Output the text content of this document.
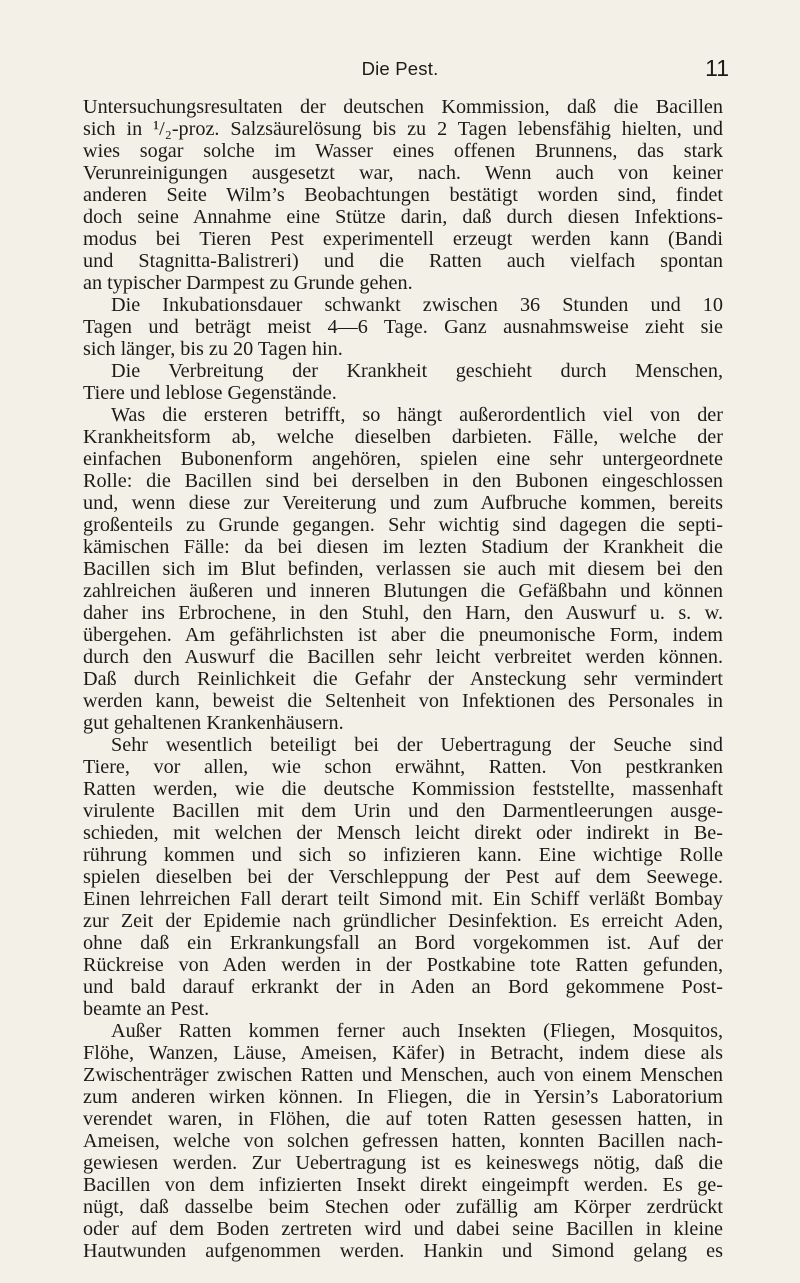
Die Pest.	11
Untersuchungsresultaten der deutschen Kommission, daß die Bacillen
sich in ¹/₂-proz. Salzsäurelösung bis zu 2 Tagen lebensfähig hielten, und
wies sogar solche im Wasser eines offenen Brunnens, das stark
Verunreinigungen ausgesetzt war, nach. Wenn auch von keiner
anderen Seite Wilm’s Beobachtungen bestätigt worden sind, findet
doch seine Annahme eine Stütze darin, daß durch diesen Infektions-
modus bei Tieren Pest experimentell erzeugt werden kann (Bandi
und Stagnitta-Balistreri) und die Ratten auch vielfach spontan
an typischer Darmpest zu Grunde gehen.
Die Inkubationsdauer schwankt zwischen 36 Stunden und 10
Tagen und beträgt meist 4—6 Tage. Ganz ausnahmsweise zieht sie
sich länger, bis zu 20 Tagen hin.
Die Verbreitung der Krankheit geschieht durch Menschen,
Tiere und leblose Gegenstände.
Was die ersteren betrifft, so hängt außerordentlich viel von der
Krankheitsform ab, welche dieselben darbieten. Fälle, welche der
einfachen Bubonenform angehören, spielen eine sehr untergeordnete
Rolle: die Bacillen sind bei derselben in den Bubonen eingeschlossen
und, wenn diese zur Vereiterung und zum Aufbruche kommen, bereits
großenteils zu Grunde gegangen. Sehr wichtig sind dagegen die septi-
kämischen Fälle: da bei diesen im lezten Stadium der Krankheit die
Bacillen sich im Blut befinden, verlassen sie auch mit diesem bei den
zahlreichen äußeren und inneren Blutungen die Gefäßbahn und können
daher ins Erbrochene, in den Stuhl, den Harn, den Auswurf u. s. w.
übergehen. Am gefährlichsten ist aber die pneumonische Form, indem
durch den Auswurf die Bacillen sehr leicht verbreitet werden können.
Daß durch Reinlichkeit die Gefahr der Ansteckung sehr vermindert
werden kann, beweist die Seltenheit von Infektionen des Personales in
gut gehaltenen Krankenhäusern.
Sehr wesentlich beteiligt bei der Uebertragung der Seuche sind
Tiere, vor allen, wie schon erwähnt, Ratten. Von pestkranken
Ratten werden, wie die deutsche Kommission feststellte, massenhaft
virulente Bacillen mit dem Urin und den Darmentleerungen ausge-
schieden, mit welchen der Mensch leicht direkt oder indirekt in Be-
rührung kommen und sich so infizieren kann. Eine wichtige Rolle
spielen dieselben bei der Verschleppung der Pest auf dem Seewege.
Einen lehrreichen Fall derart teilt Simond mit. Ein Schiff verläßt Bombay
zur Zeit der Epidemie nach gründlicher Desinfektion. Es erreicht Aden,
ohne daß ein Erkrankungsfall an Bord vorgekommen ist. Auf der
Rückreise von Aden werden in der Postkabine tote Ratten gefunden,
und bald darauf erkrankt der in Aden an Bord gekommene Post-
beamte an Pest.
Außer Ratten kommen ferner auch Insekten (Fliegen, Mosquitos,
Flöhe, Wanzen, Läuse, Ameisen, Käfer) in Betracht, indem diese als
Zwischenträger zwischen Ratten und Menschen, auch von einem Menschen
zum anderen wirken können. In Fliegen, die in Yersin’s Laboratorium
verendet waren, in Flöhen, die auf toten Ratten gesessen hatten, in
Ameisen, welche von solchen gefressen hatten, konnten Bacillen nach-
gewiesen werden. Zur Uebertragung ist es keineswegs nötig, daß die
Bacillen von dem infizierten Insekt direkt eingeimpft werden. Es ge-
nügt, daß dasselbe beim Stechen oder zufällig am Körper zerdrückt
oder auf dem Boden zertreten wird und dabei seine Bacillen in kleine
Hautwunden aufgenommen werden. Hankin und Simond gelang es
